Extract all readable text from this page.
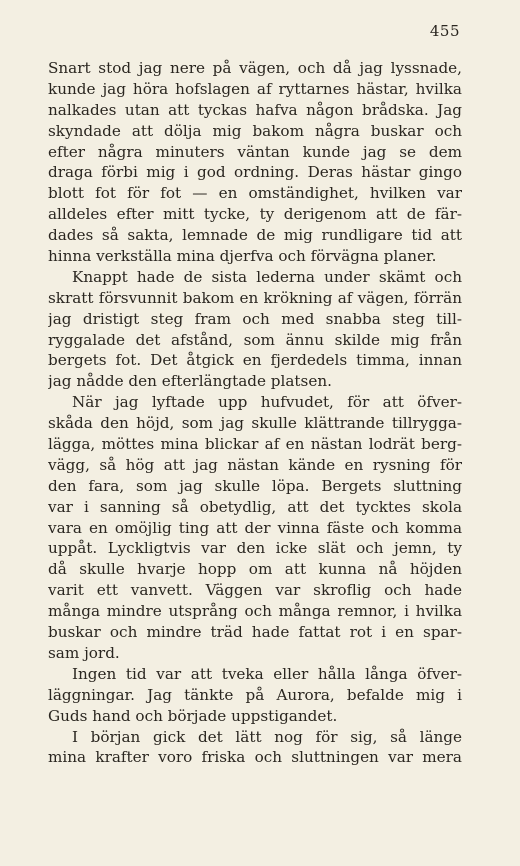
455
Snart stod jag nere på vägen, och då jag lyssnade,
kunde jag höra hofslagen af ryttarnes hästar, hvilka
nalkades utan att tyckas hafva någon brådska. Jag
skyndade att dölja mig bakom några buskar och
efter några minuters väntan kunde jag se dem
draga förbi mig i god ordning. Deras hästar gingo
blott fot för fot — en omständighet, hvilken var
alldeles efter mitt tycke, ty derigenom att de fär-
dades så sakta, lemnade de mig rundligare tid att
hinna verkställa mina djerfva och förvägna planer.
Knappt hade de sista lederna under skämt och
skratt försvunnit bakom en krökning af vägen, förrän
jag dristigt steg fram och med snabba steg till-
ryggalade det afstånd, som ännu skilde mig från
bergets fot. Det åtgick en fjerdedels timma, innan
jag nådde den efterlängtade platsen.
När jag lyftade upp hufvudet, för att öfver-
skåda den höjd, som jag skulle klättrande tillrygga-
lägga, möttes mina blickar af en nästan lodrät berg-
vägg, så hög att jag nästan kände en rysning för
den fara, som jag skulle löpa. Bergets sluttning
var i sanning så obetydlig, att det tycktes skola
vara en omöjlig ting att der vinna fäste och komma
uppåt. Lyckligtvis var den icke slät och jemn, ty
då skulle hvarje hopp om att kunna nå höjden
varit ett vanvett. Väggen var skroflig och hade
många mindre utsprång och många remnor, i hvilka
buskar och mindre träd hade fattat rot i en spar-
sam jord.
Ingen tid var att tveka eller hålla långa öfver-
läggningar. Jag tänkte på Aurora, befalde mig i
Guds hand och började uppstigandet.
I början gick det lätt nog för sig, så länge
mina krafter voro friska och sluttningen var mera
